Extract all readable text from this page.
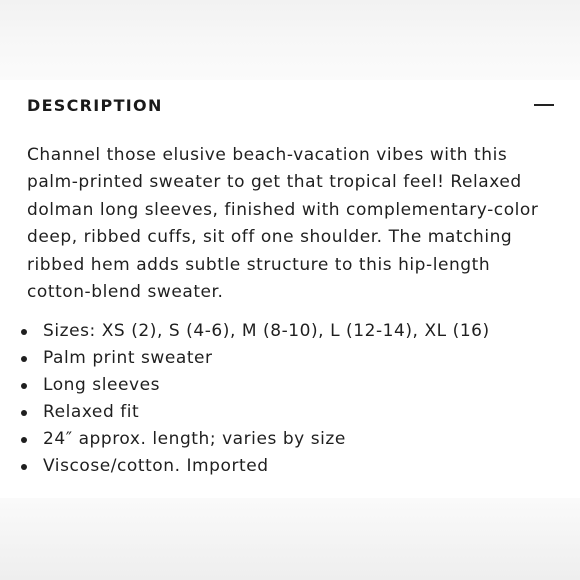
DESCRIPTION

Channel those elusive beach-vacation vibes with this palm-printed sweater to get that tropical feel! Relaxed dolman long sleeves, finished with complementary-color deep, ribbed cuffs, sit off one shoulder. The matching ribbed hem adds subtle structure to this hip-length cotton-blend sweater.

Sizes: XS (2), S (4-6), M (8-10), L (12-14), XL (16)
Palm print sweater
Long sleeves
Relaxed fit
24″ approx. length; varies by size
Viscose/cotton. Imported
